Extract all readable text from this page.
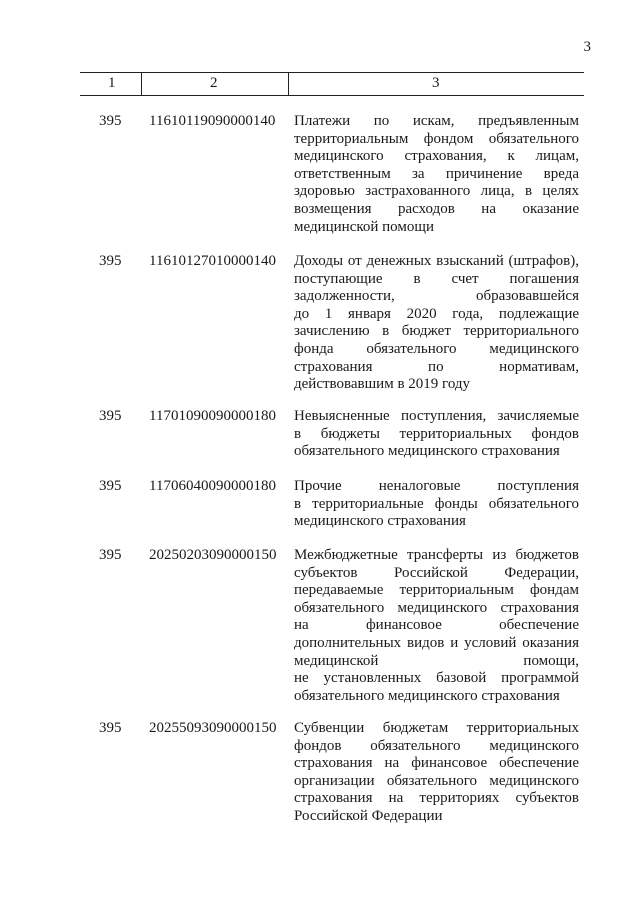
3
1	2	3
395 11610119090000140 Платежи по искам, предъявленным
территориальным фондом обязательного
медицинского страхования, к лицам,
ответственным за причинение вреда
здоровью застрахованного лица, в целях
возмещения расходов на оказание
медицинской помощи
395 11610127010000140 Доходы от денежных взысканий (штрафов),
поступающие в счет погашения
задолженности, образовавшейся
до 1 января 2020 года, подлежащие
зачислению в бюджет территориального
фонда обязательного медицинского
страхования по нормативам,
действовавшим в 2019 году
395 11701090090000180 Невыясненные поступления, зачисляемые
в бюджеты территориальных фондов
обязательного медицинского страхования
395 11706040090000180 Прочие неналоговые поступления
в территориальные фонды обязательного
медицинского страхования
395 20250203090000150 Межбюджетные трансферты из бюджетов
субъектов Российской Федерации,
передаваемые территориальным фондам
обязательного медицинского страхования
на финансовое обеспечение
дополнительных видов и условий оказания
медицинской помощи,
не установленных базовой программой
обязательного медицинского страхования
395 20255093090000150 Субвенции бюджетам территориальных
фондов обязательного медицинского
страхования на финансовое обеспечение
организации обязательного медицинского
страхования на территориях субъектов
Российской Федерации
